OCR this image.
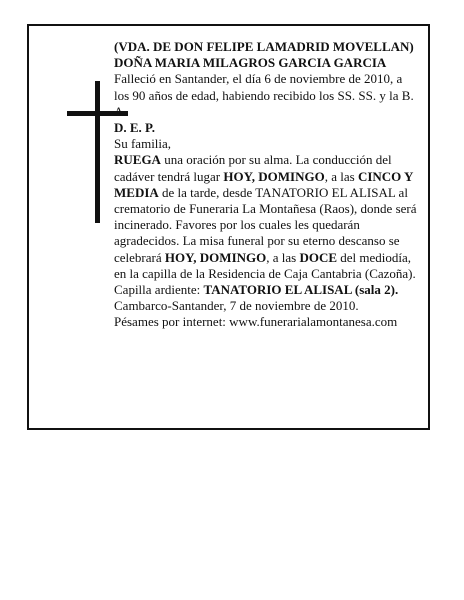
(VDA. DE DON FELIPE LAMADRID MOVELLAN)

DOÑA MARIA MILAGROS GARCIA GARCIA

Falleció en Santander, el día 6 de noviembre de 2010, a los 90 años de edad, habiendo recibido los SS. SS. y la B. A.

D. E. P.

Su familia,

RUEGA una oración por su alma. La conducción del cadáver tendrá lugar HOY, DOMINGO, a las CINCO Y MEDIA de la tarde, desde TANATORIO EL ALISAL al crematorio de Funeraria La Montañesa (Raos), donde será incinerado. Favores por los cuales les quedarán agradecidos. La misa funeral por su eterno descanso se celebrará HOY, DOMINGO, a las DOCE del mediodía, en la capilla de la Residencia de Caja Cantabria (Cazoña). Capilla ardiente: TANATORIO EL ALISAL (sala 2).

Cambarco-Santander, 7 de noviembre de 2010.

Pésames por internet: www.funerarialamontanesa.com
